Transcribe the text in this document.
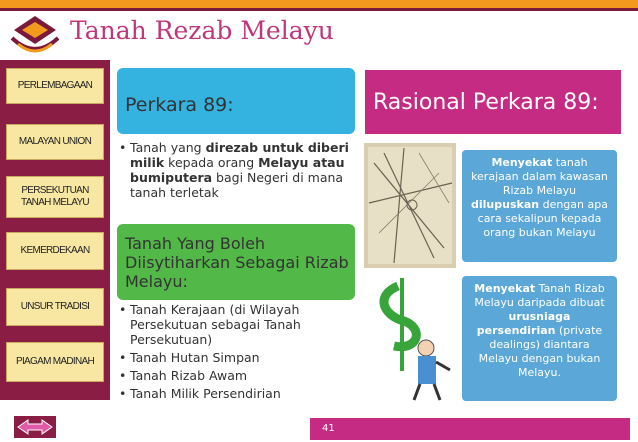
Tanah Rezab Melayu
PERLEMBAGAAN
MALAYAN UNION
PERSEKUTUAN TANAH MELAYU
KEMERDEKAAN
UNSUR TRADISI
PIAGAM MADINAH
Perkara 89:
• Tanah yang direzab untuk diberi milik kepada orang Melayu atau bumiputera bagi Negeri di mana tanah terletak
Tanah Yang Boleh Diisytiharkan Sebagai Rizab Melayu:
• Tanah Kerajaan (di Wilayah Persekutuan sebagai Tanah Persekutuan)
• Tanah Hutan Simpan
• Tanah Rizab Awam
• Tanah Milik Persendirian
Rasional Perkara 89:
Menyekat tanah kerajaan dalam kawasan Rizab Melayu dilupuskan dengan apa cara sekalipun kepada orang bukan Melayu
Menyekat Tanah Rizab Melayu daripada dibuat urusniaga persendirian (private dealings) diantara Melayu dengan bukan Melayu.
41
